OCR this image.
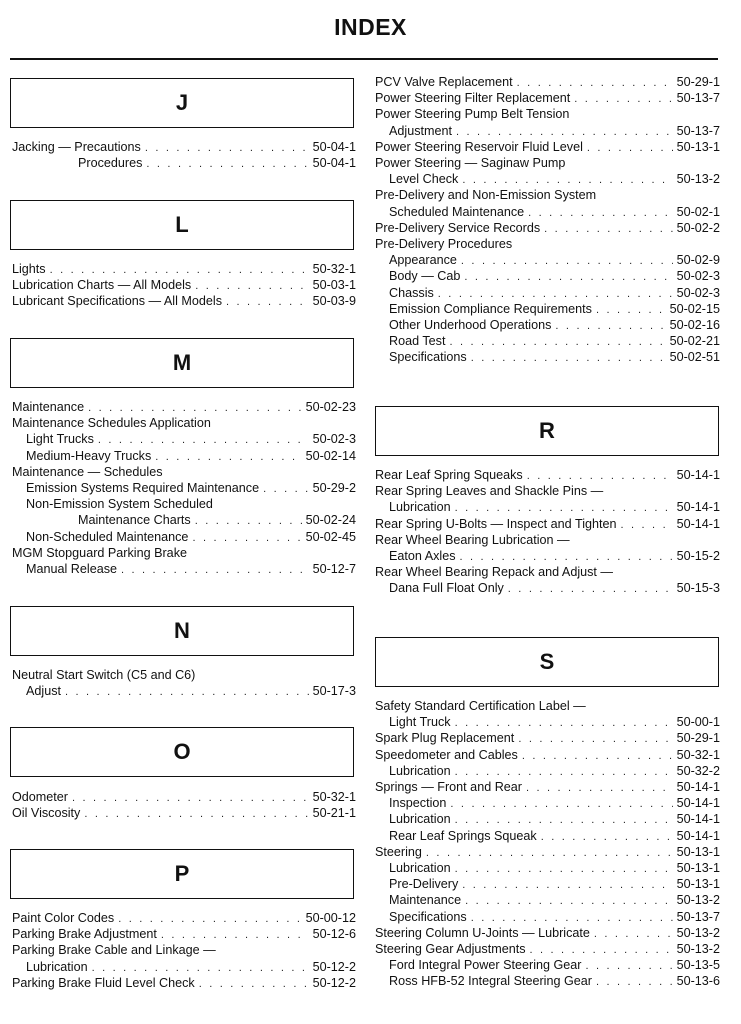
INDEX
J
Jacking — Precautions . . .	50-04-1
Procedures . . .	50-04-1
L
Lights . . .	50-32-1
Lubrication Charts — All Models . . .	50-03-1
Lubricant Specifications — All Models . . .	50-03-9
M
Maintenance . . .	50-02-23
Maintenance Schedules Application
Light Trucks . . .	50-02-3
Medium-Heavy Trucks . . .	50-02-14
Maintenance — Schedules
Emission Systems Required Maintenance . . .	50-29-2
Non-Emission System Scheduled
Maintenance Charts . . .	50-02-24
Non-Scheduled Maintenance . . .	50-02-45
MGM Stopguard Parking Brake
Manual Release . . .	50-12-7
N
Neutral Start Switch (C5 and C6)
Adjust . . .	50-17-3
O
Odometer . . .	50-32-1
Oil Viscosity . . .	50-21-1
P
Paint Color Codes . . .	50-00-12
Parking Brake Adjustment . . .	50-12-6
Parking Brake Cable and Linkage —
Lubrication . . .	50-12-2
Parking Brake Fluid Level Check . . .	50-12-2
PCV Valve Replacement . . .	50-29-1
Power Steering Filter Replacement . . .	50-13-7
Power Steering Pump Belt Tension
Adjustment . . .	50-13-7
Power Steering Reservoir Fluid Level . . .	50-13-1
Power Steering — Saginaw Pump
Level Check . . .	50-13-2
Pre-Delivery and Non-Emission System
Scheduled Maintenance . . .	50-02-1
Pre-Delivery Service Records . . .	50-02-2
Pre-Delivery Procedures
Appearance . . .	50-02-9
Body — Cab . . .	50-02-3
Chassis . . .	50-02-3
Emission Compliance Requirements . . .	50-02-15
Other Underhood Operations . . .	50-02-16
Road Test . . .	50-02-21
Specifications . . .	50-02-51
R
Rear Leaf Spring Squeaks . . .	50-14-1
Rear Spring Leaves and Shackle Pins —
Lubrication . . .	50-14-1
Rear Spring U-Bolts — Inspect and Tighten . . .	50-14-1
Rear Wheel Bearing Lubrication —
Eaton Axles . . .	50-15-2
Rear Wheel Bearing Repack and Adjust —
Dana Full Float Only . . .	50-15-3
S
Safety Standard Certification Label —
Light Truck . . .	50-00-1
Spark Plug Replacement . . .	50-29-1
Speedometer and Cables . . .	50-32-1
Lubrication . . .	50-32-2
Springs — Front and Rear . . .	50-14-1
Inspection . . .	50-14-1
Lubrication . . .	50-14-1
Rear Leaf Springs Squeak . . .	50-14-1
Steering . . .	50-13-1
Lubrication . . .	50-13-1
Pre-Delivery . . .	50-13-1
Maintenance . . .	50-13-2
Specifications . . .	50-13-7
Steering Column U-Joints — Lubricate . . .	50-13-2
Steering Gear Adjustments . . .	50-13-2
Ford Integral Power Steering Gear . . .	50-13-5
Ross HFB-52 Integral Steering Gear . . .	50-13-6
